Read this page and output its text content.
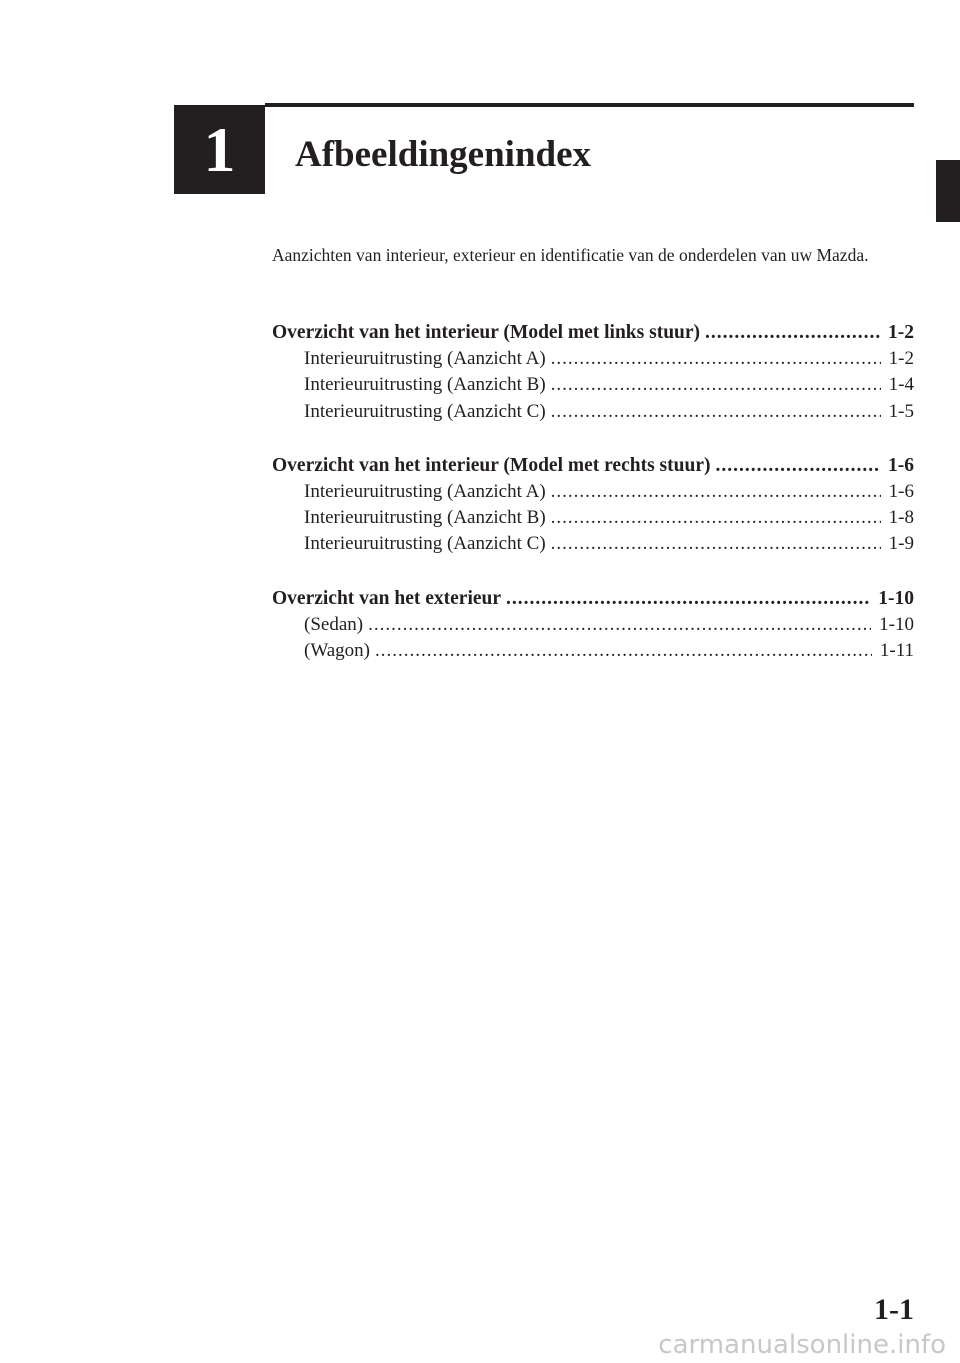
1 Afbeeldingenindex

Aanzichten van interieur, exterieur en identificatie van de onderdelen van uw Mazda.

Overzicht van het interieur (Model met links stuur) .....	1-2
Interieuruitrusting (Aanzicht A) .....	1-2
Interieuruitrusting (Aanzicht B) .....	1-4
Interieuruitrusting (Aanzicht C) .....	1-5
Overzicht van het interieur (Model met rechts stuur) .....	1-6
Interieuruitrusting (Aanzicht A) .....	1-6
Interieuruitrusting (Aanzicht B) .....	1-8
Interieuruitrusting (Aanzicht C) .....	1-9
Overzicht van het exterieur .....	1-10
(Sedan) .....	1-10
(Wagon) .....	1-11
1-1
carmanualsonline.info
